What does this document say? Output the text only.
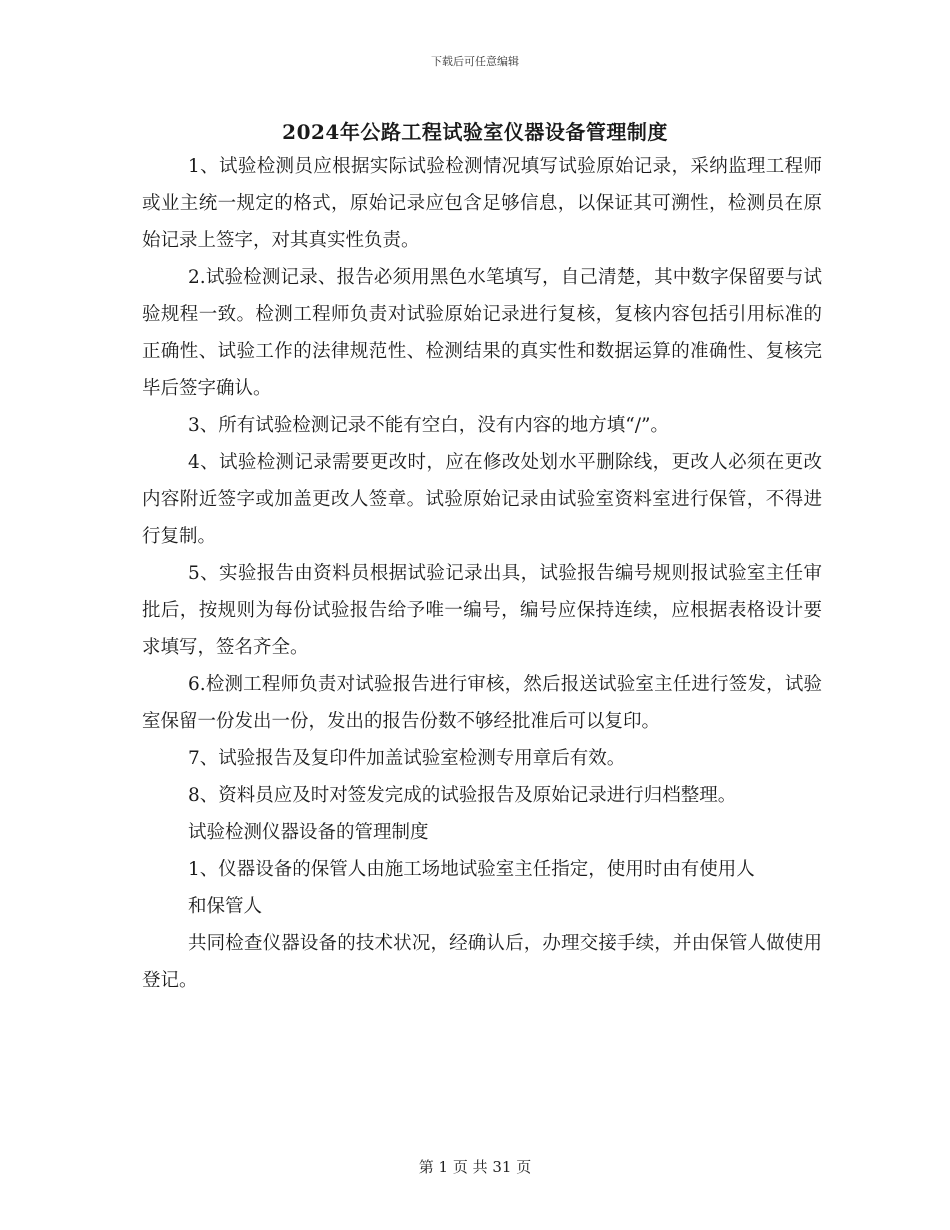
下载后可任意编辑
2024年公路工程试验室仪器设备管理制度

1、试验检测员应根据实际试验检测情况填写试验原始记录，采纳监理工程师或业主统一规定的格式，原始记录应包含足够信息，以保证其可溯性，检测员在原始记录上签字，对其真实性负责。

2.试验检测记录、报告必须用黑色水笔填写，自己清楚，其中数字保留要与试验规程一致。检测工程师负责对试验原始记录进行复核，复核内容包括引用标准的正确性、试验工作的法律规范性、检测结果的真实性和数据运算的准确性、复核完毕后签字确认。

3、所有试验检测记录不能有空白，没有内容的地方填“/”。

4、试验检测记录需要更改时，应在修改处划水平删除线，更改人必须在更改内容附近签字或加盖更改人签章。试验原始记录由试验室资料室进行保管，不得进行复制。

5、实验报告由资料员根据试验记录出具，试验报告编号规则报试验室主任审批后，按规则为每份试验报告给予唯一编号，编号应保持连续，应根据表格设计要求填写，签名齐全。

6.检测工程师负责对试验报告进行审核，然后报送试验室主任进行签发，试验室保留一份发出一份，发出的报告份数不够经批准后可以复印。

7、试验报告及复印件加盖试验室检测专用章后有效。

8、资料员应及时对签发完成的试验报告及原始记录进行归档整理。

试验检测仪器设备的管理制度

1、仪器设备的保管人由施工场地试验室主任指定，使用时由有使用人

和保管人

共同检查仪器设备的技术状况，经确认后，办理交接手续，并由保管人做使用登记。

第 1 页 共 31 页
